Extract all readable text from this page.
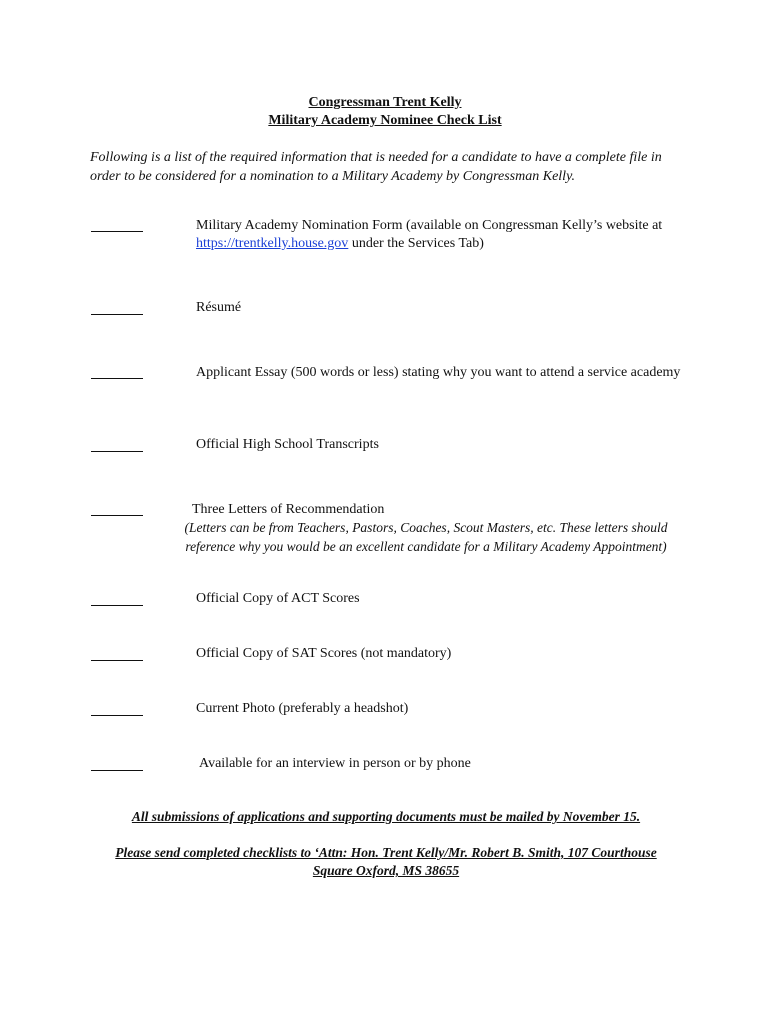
Congressman Trent Kelly
Military Academy Nominee Check List

Following is a list of the required information that is needed for a candidate to have a complete file in order to be considered for a nomination to a Military Academy by Congressman Kelly.

Military Academy Nomination Form (available on Congressman Kelly’s website at https://trentkelly.house.gov under the Services Tab)

Résumé

Applicant Essay (500 words or less) stating why you want to attend a service academy

Official High School Transcripts

Three Letters of Recommendation

(Letters can be from Teachers, Pastors, Coaches, Scout Masters, etc. These letters should reference why you would be an excellent candidate for a Military Academy Appointment)

Official Copy of ACT Scores

Official Copy of SAT Scores (not mandatory)

Current Photo (preferably a headshot)

Available for an interview in person or by phone

All submissions of applications and supporting documents must be mailed by November 15.

Please send completed checklists to ‘Attn: Hon. Trent Kelly/Mr. Robert B. Smith, 107 Courthouse Square Oxford, MS 38655
